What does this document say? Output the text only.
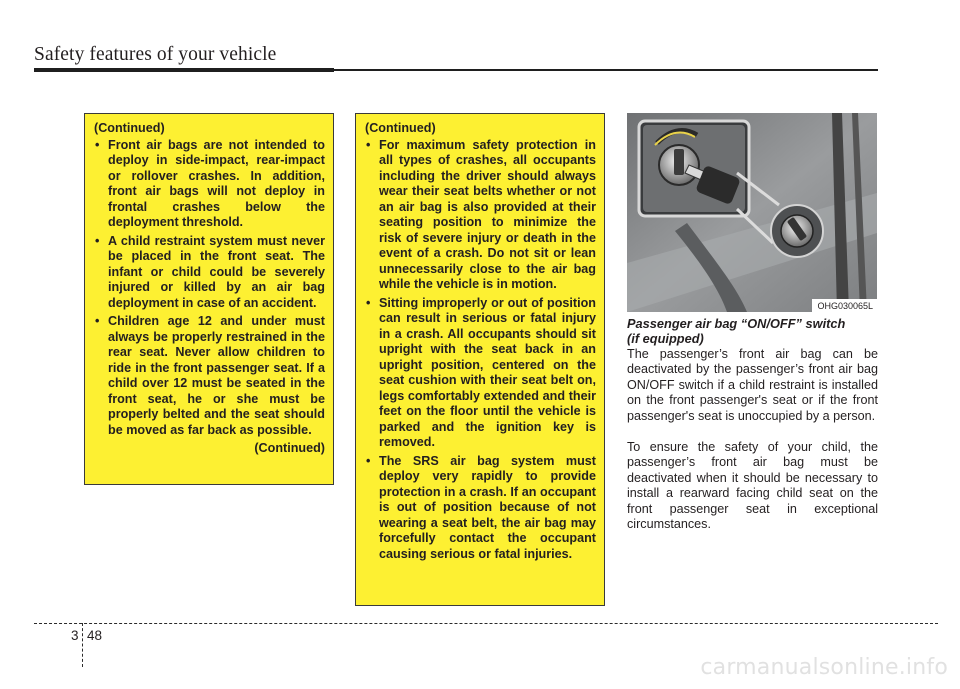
Safety features of your vehicle
(Continued)
• Front air bags are not intended to deploy in side-impact, rear-impact or rollover crashes. In addition, front air bags will not deploy in frontal crashes below the deployment threshold.
• A child restraint system must never be placed in the front seat. The infant or child could be severely injured or killed by an air bag deployment in case of an accident.
• Children age 12 and under must always be properly restrained in the rear seat. Never allow children to ride in the front passenger seat. If a child over 12 must be seated in the front seat, he or she must be properly belted and the seat should be moved as far back as possible.
(Continued)
(Continued)
• For maximum safety protection in all types of crashes, all occupants including the driver should always wear their seat belts whether or not an air bag is also provided at their seating position to minimize the risk of severe injury or death in the event of a crash. Do not sit or lean unnecessarily close to the air bag while the vehicle is in motion.
• Sitting improperly or out of position can result in serious or fatal injury in a crash. All occupants should sit upright with the seat back in an upright position, centered on the seat cushion with their seat belt on, legs comfortably extended and their feet on the floor until the vehicle is parked and the ignition key is removed.
• The SRS air bag system must deploy very rapidly to provide protection in a crash. If an occupant is out of position because of not wearing a seat belt, the air bag may forcefully contact the occupant causing serious or fatal injuries.
OHG030065L
Passenger air bag “ON/OFF” switch
(if equipped)

The passenger’s front air bag can be deactivated by the passenger’s front air bag ON/OFF switch if a child restraint is installed on the front passenger's seat or if the front passenger's seat is unoccupied by a person.

To ensure the safety of your child, the passenger’s front air bag must be deactivated when it should be necessary to install a rearward facing child seat on the front passenger seat in exceptional circumstances.

3 48
carmanualsonline.info
